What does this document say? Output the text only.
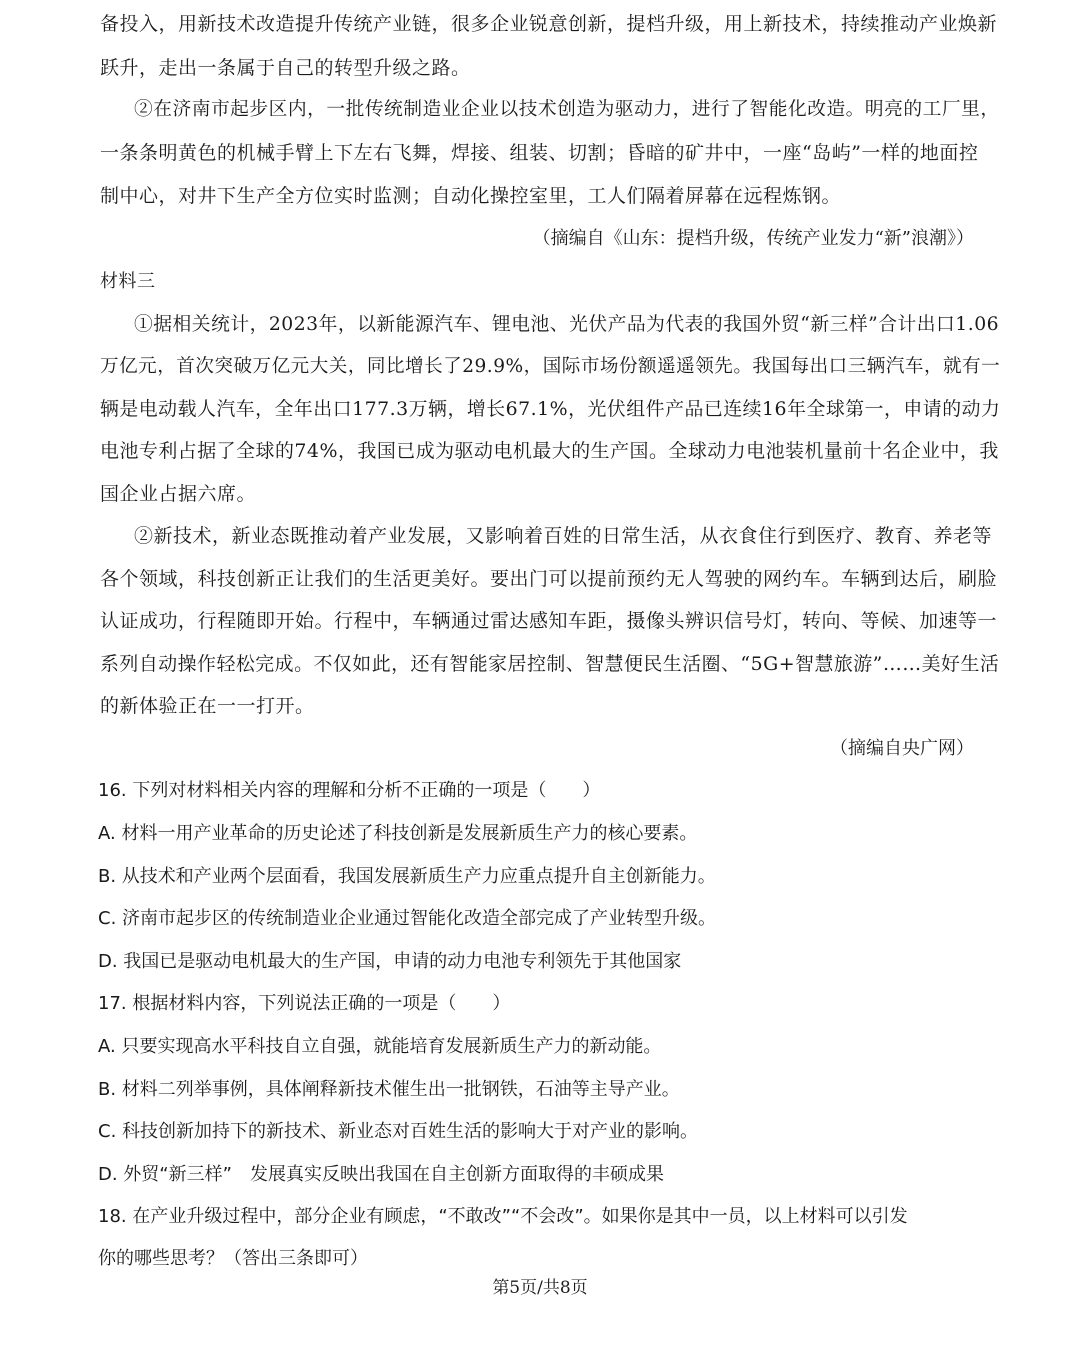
备投入，用新技术改造提升传统产业链，很多企业锐意创新，提档升级，用上新技术，持续推动产业焕新
跃升，走出一条属于自己的转型升级之路。
②在济南市起步区内，一批传统制造业企业以技术创造为驱动力，进行了智能化改造。明亮的工厂里，
一条条明黄色的机械手臂上下左右飞舞，焊接、组装、切割；昏暗的矿井中，一座“岛屿”一样的地面控
制中心，对井下生产全方位实时监测；自动化操控室里，工人们隔着屏幕在远程炼钢。
（摘编自《山东：提档升级，传统产业发力“新”浪潮》）
材料三
①据相关统计，2023年，以新能源汽车、锂电池、光伏产品为代表的我国外贸“新三样”合计出口1.06
万亿元，首次突破万亿元大关，同比增长了29.9%，国际市场份额遥遥领先。我国每出口三辆汽车，就有一
辆是电动载人汽车，全年出口177.3万辆，增长67.1%，光伏组件产品已连续16年全球第一，申请的动力
电池专利占据了全球的74%，我国已成为驱动电机最大的生产国。全球动力电池装机量前十名企业中，我
国企业占据六席。
②新技术，新业态既推动着产业发展，又影响着百姓的日常生活，从衣食住行到医疗、教育、养老等
各个领域，科技创新正让我们的生活更美好。要出门可以提前预约无人驾驶的网约车。车辆到达后，刷脸
认证成功，行程随即开始。行程中，车辆通过雷达感知车距，摄像头辨识信号灯，转向、等候、加速等一
系列自动操作轻松完成。不仅如此，还有智能家居控制、智慧便民生活圈、“5G+智慧旅游”……美好生活
的新体验正在一一打开。
（摘编自央广网）
16. 下列对材料相关内容的理解和分析不正确的一项是（　　）
A. 材料一用产业革命的历史论述了科技创新是发展新质生产力的核心要素。
B. 从技术和产业两个层面看，我国发展新质生产力应重点提升自主创新能力。
C. 济南市起步区的传统制造业企业通过智能化改造全部完成了产业转型升级。
D. 我国已是驱动电机最大的生产国，申请的动力电池专利领先于其他国家
17. 根据材料内容，下列说法正确的一项是（　　）
A. 只要实现高水平科技自立自强，就能培育发展新质生产力的新动能。
B. 材料二列举事例，具体阐释新技术催生出一批钢铁，石油等主导产业。
C. 科技创新加持下的新技术、新业态对百姓生活的影响大于对产业的影响。
D. 外贸“新三样”　发展真实反映出我国在自主创新方面取得的丰硕成果
18. 在产业升级过程中，部分企业有顾虑，“不敢改”“不会改”。如果你是其中一员，以上材料可以引发
你的哪些思考？（答出三条即可）
第5页/共8页
